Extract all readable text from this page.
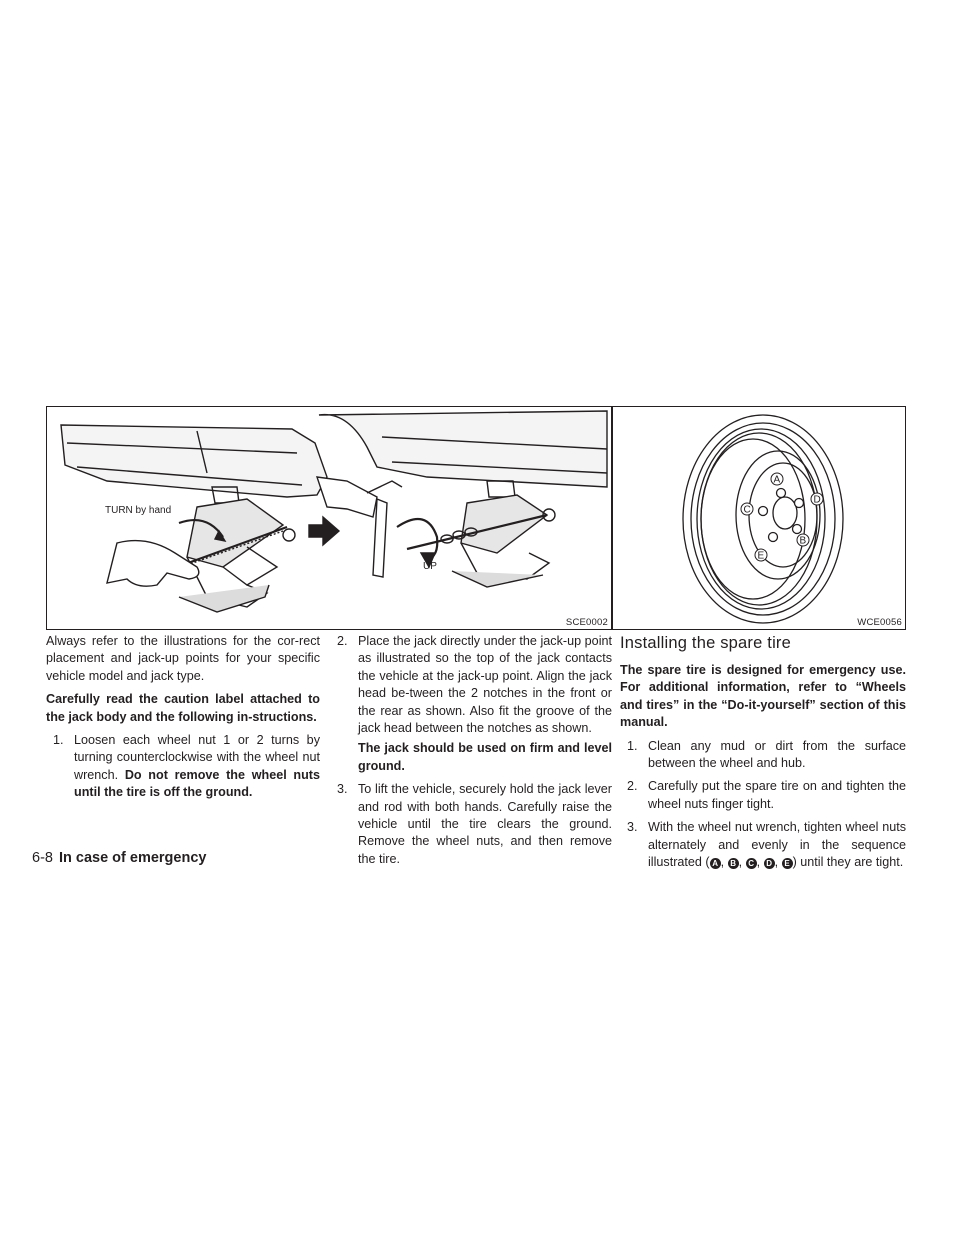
TURN by hand
UP
SCE0002
A
B
C
D
E
WCE0056

Always refer to the illustrations for the cor-rect placement and jack-up points for your specific vehicle model and jack type.

Carefully read the caution label attached to the jack body and the following in-structions.

1. Loosen each wheel nut 1 or 2 turns by turning counterclockwise with the wheel nut wrench. Do not remove the wheel nuts until the tire is off the ground.
2. Place the jack directly under the jack-up point as illustrated so the top of the jack contacts the vehicle at the jack-up point. Align the jack head be-tween the 2 notches in the front or the rear as shown. Also fit the groove of the jack head between the notches as shown.
The jack should be used on firm and level ground.
3. To lift the vehicle, securely hold the jack lever and rod with both hands. Carefully raise the vehicle until the tire clears the ground. Remove the wheel nuts, and then remove the tire.
Installing the spare tire

The spare tire is designed for emergency use. For additional information, refer to “Wheels and tires” in the “Do-it-yourself” section of this manual.

1. Clean any mud or dirt from the surface between the wheel and hub.
2. Carefully put the spare tire on and tighten the wheel nuts finger tight.
3. With the wheel nut wrench, tighten wheel nuts alternately and evenly in the sequence illustrated ( A , B , C , D , E ) until they are tight.
6-8 In case of emergency
